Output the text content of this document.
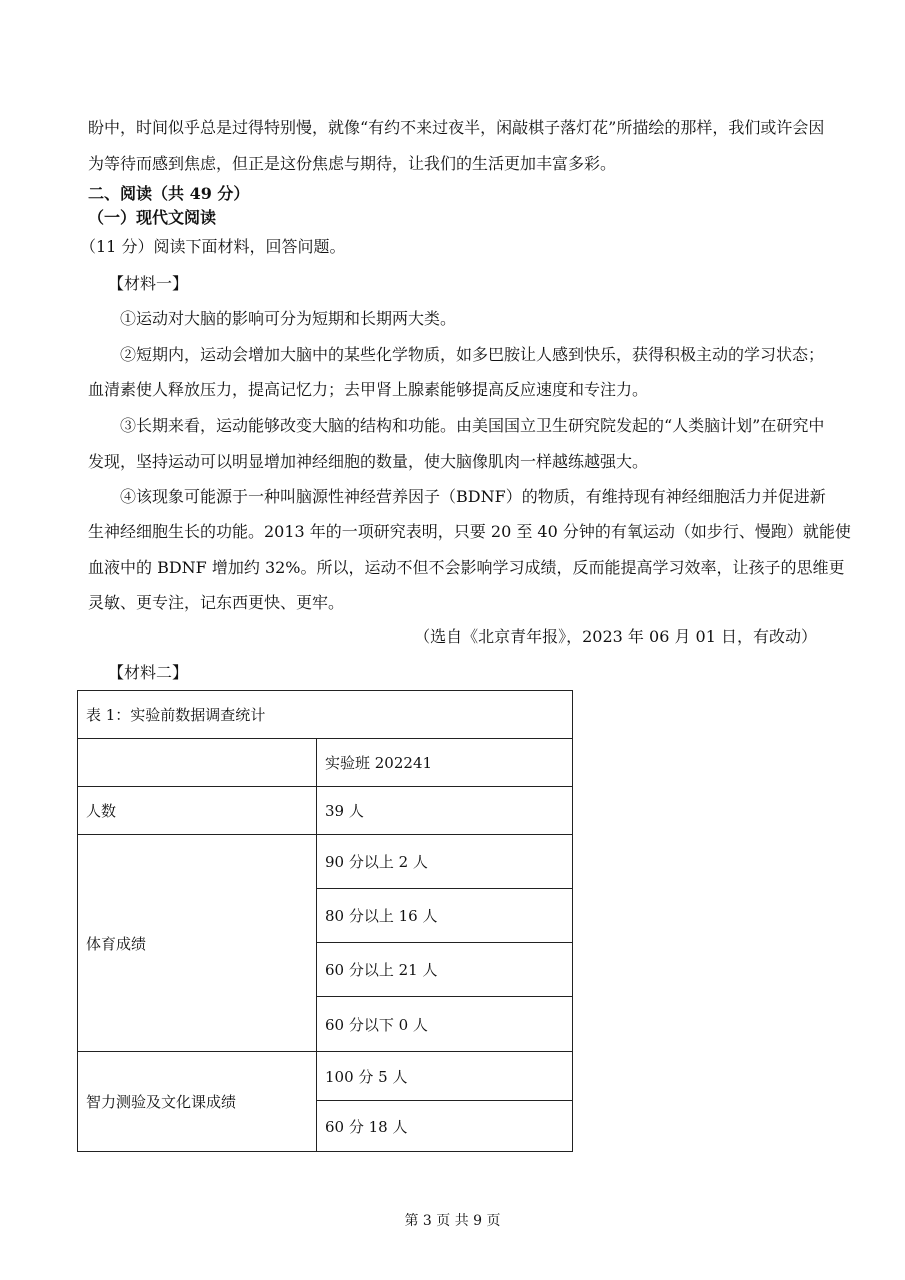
盼中，时间似乎总是过得特别慢，就像“有约不来过夜半，闲敲棋子落灯花”所描绘的那样，我们或许会因
为等待而感到焦虑，但正是这份焦虑与期待，让我们的生活更加丰富多彩。
二、阅读（共 49 分）
（一）现代文阅读
（11 分）阅读下面材料，回答问题。
【材料一】
①运动对大脑的影响可分为短期和长期两大类。
②短期内，运动会增加大脑中的某些化学物质，如多巴胺让人感到快乐，获得积极主动的学习状态；
血清素使人释放压力，提高记忆力；去甲肾上腺素能够提高反应速度和专注力。
③长期来看，运动能够改变大脑的结构和功能。由美国国立卫生研究院发起的“人类脑计划”在研究中
发现，坚持运动可以明显增加神经细胞的数量，使大脑像肌肉一样越练越强大。
④该现象可能源于一种叫脑源性神经营养因子（BDNF）的物质，有维持现有神经细胞活力并促进新
生神经细胞生长的功能。2013 年的一项研究表明，只要 20 至 40 分钟的有氧运动（如步行、慢跑）就能使
血液中的 BDNF 增加约 32%。所以，运动不但不会影响学习成绩，反而能提高学习效率，让孩子的思维更
灵敏、更专注，记东西更快、更牢。
（选自《北京青年报》，2023 年 06 月 01 日，有改动）
【材料二】
表 1：实验前数据调查统计	
	实验班 202241
人数	39 人
体育成绩	90 分以上 2 人
	80 分以上 16 人
	60 分以上 21 人
	60 分以下 0 人
智力测验及文化课成绩	100 分 5 人
	60 分 18 人
第 3 页 共 9 页
